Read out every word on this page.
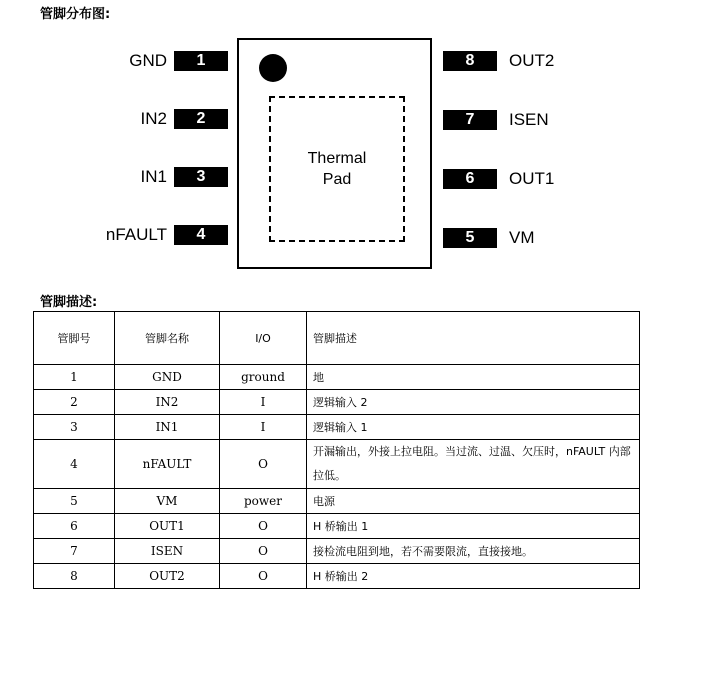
管脚分布图:
GND	1
IN2	2
IN1	3
nFAULT	4
Thermal
Pad
8	OUT2
7	ISEN
6	OUT1
5	VM
管脚描述:
管脚号	管脚名称	I/O	管脚描述
1	GND	ground	地
2	IN2	I	逻辑输入 2
3	IN1	I	逻辑输入 1
4	nFAULT	O	开漏输出，外接上拉电阻。当过流、过温、欠压时，nFAULT 内部拉低。
5	VM	power	电源
6	OUT1	O	H 桥输出 1
7	ISEN	O	接检流电阻到地，若不需要限流，直接接地。
8	OUT2	O	H 桥输出 2
